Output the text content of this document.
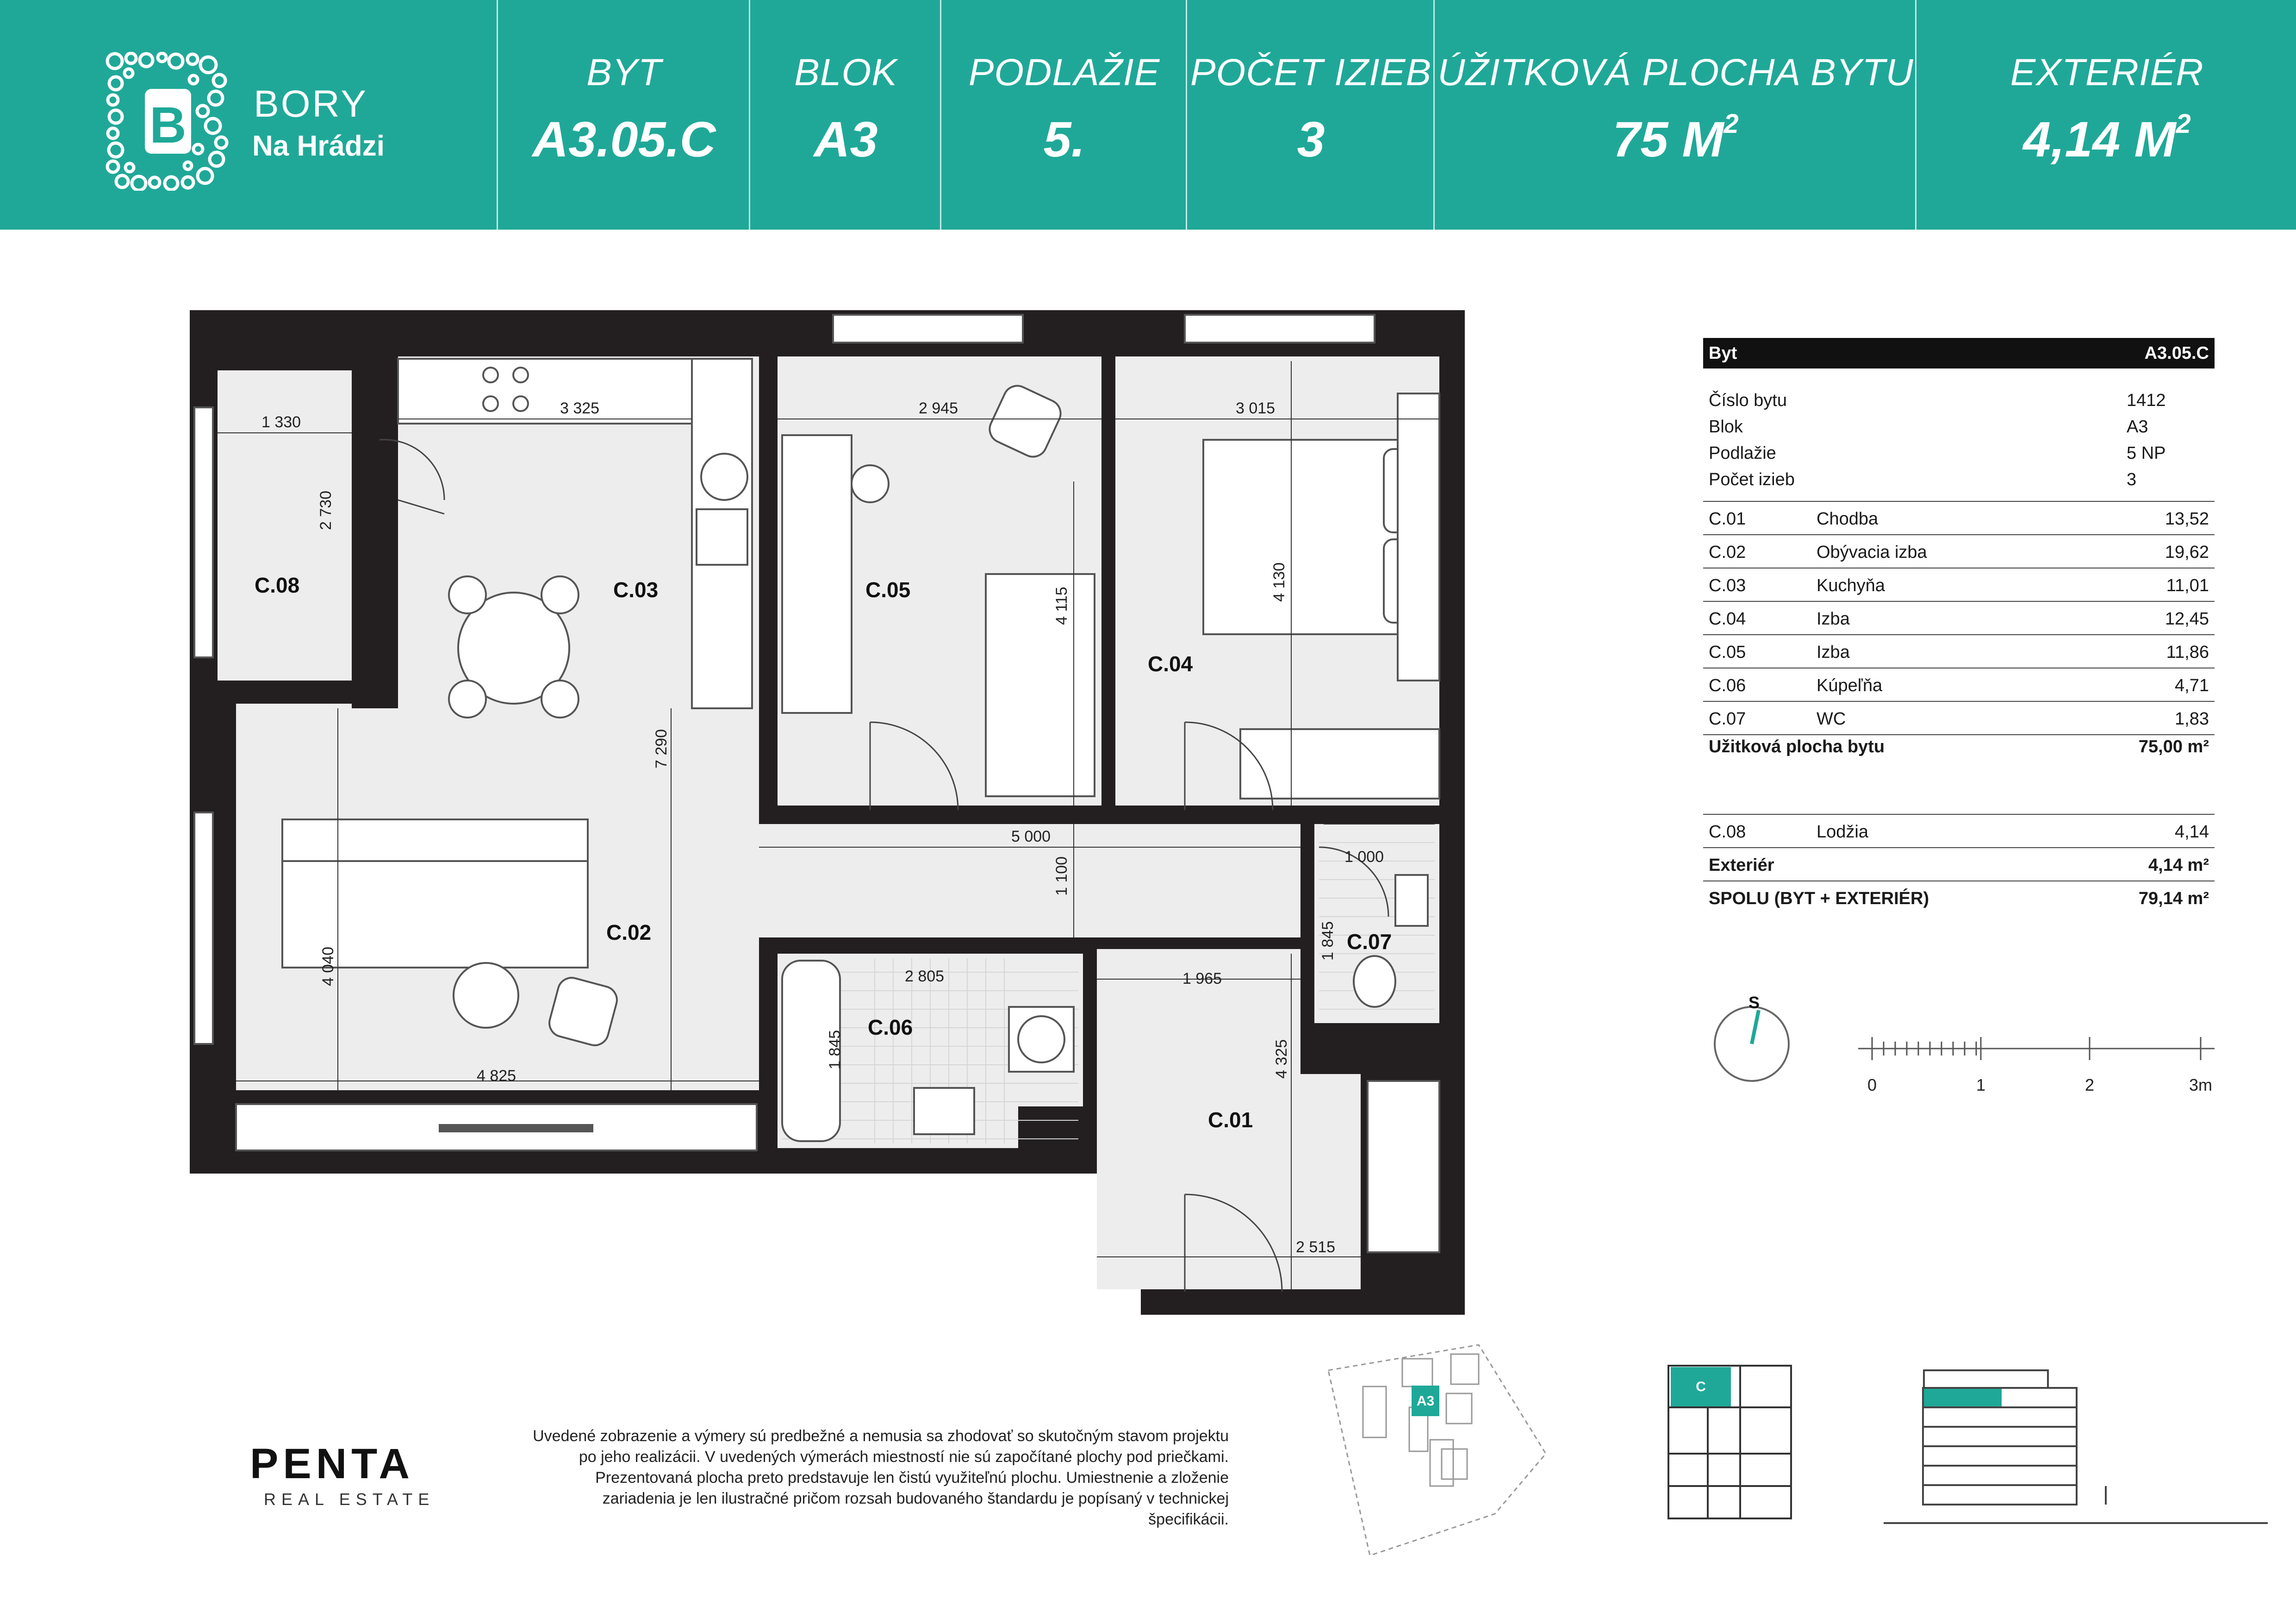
B BORY
Na Hrádzi
BYT
A3.05.C
BLOK
A3
PODLAŽIE
5.
POČET IZIEB
3
ÚŽITKOVÁ PLOCHA BYTU
75 $M^2$
EXTERIÉR
4,14 $M^2$
C.01
C.02
C.03
C.04
C.05
C.06
C.07
C.08
1 330
2 730
3 325	2 945	3 015
4 115
4 130
7 290
5 000
1 100	1 000
1 845
2 805
1 845
1 965
4 325
4 040
4 825
2 515
S
0	1	2	3m
A3
C
Byt	A3.05.C
Číslo bytu	1412
Blok	A3
Podlažie	5 NP
Počet izieb	3
C.01	Chodba	13,52
C.02	Obývacia izba	19,62
C.03	Kuchyňa	11,01
C.04	Izba	12,45
C.05	Izba	11,86
C.06	Kúpeľňa	4,71
C.07	WC	1,83
Užitková plocha bytu	75,00 m²
C.08	Lodžia	4,14
Exteriér	4,14 m²
SPOLU (BYT + EXTERIÉR)	79,14 m²
PENTA
REAL ESTATE
Uvedené zobrazenie a výmery sú predbežné a nemusia sa zhodovať so skutočným stavom projektu po jeho realizácii. V uvedených výmerách miestností nie sú započítané plochy pod priečkami. Prezentovaná plocha preto predstavuje len čistú využiteľnú plochu. Umiestnenie a zloženie zariadenia je len ilustračné pričom rozsah budovaného štandardu je popísaný v technickej špecifikácii.
